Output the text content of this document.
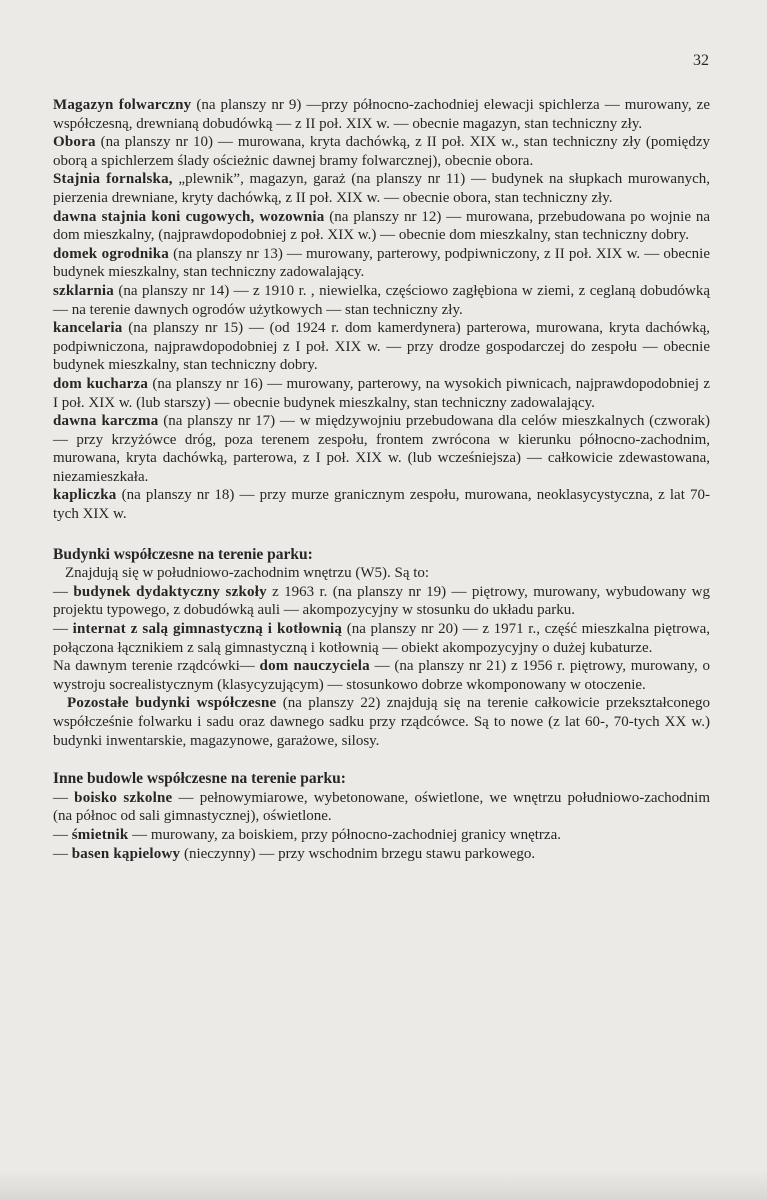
32

Magazyn folwarczny (na planszy nr 9) —przy północno-zachodniej elewacji spichlerza — murowany, ze współczesną, drewnianą dobudówką — z II poł. XIX w. — obecnie magazyn, stan techniczny zły.

Obora (na planszy nr 10) — murowana, kryta dachówką, z II poł. XIX w., stan techniczny zły (pomiędzy oborą a spichlerzem ślady ościeżnic dawnej bramy folwarcznej), obecnie obora.

Stajnia fornalska, „plewnik”, magazyn, garaż (na planszy nr 11) — budynek na słupkach murowanych, pierzenia drewniane, kryty dachówką, z II poł. XIX w. — obecnie obora, stan techniczny zły.

dawna stajnia koni cugowych, wozownia (na planszy nr 12) — murowana, przebudowana po wojnie na dom mieszkalny, (najprawdopodobniej z poł. XIX w.) — obecnie dom mieszkalny, stan techniczny dobry.

domek ogrodnika (na planszy nr 13) — murowany, parterowy, podpiwniczony, z II poł. XIX w. — obecnie budynek mieszkalny, stan techniczny zadowalający.

szklarnia (na planszy nr 14) — z 1910 r. , niewielka, częściowo zagłębiona w ziemi, z ceglaną dobudówką — na terenie dawnych ogrodów użytkowych — stan techniczny zły.

kancelaria (na planszy nr 15) — (od 1924 r. dom kamerdynera) parterowa, murowana, kryta dachówką, podpiwniczona, najprawdopodobniej z I poł. XIX w. — przy drodze gospodarczej do zespołu — obecnie budynek mieszkalny, stan techniczny dobry.

dom kucharza (na planszy nr 16) — murowany, parterowy, na wysokich piwnicach, najprawdopodobniej z I poł. XIX w. (lub starszy) — obecnie budynek mieszkalny, stan techniczny zadowalający.

dawna karczma (na planszy nr 17) — w międzywojniu przebudowana dla celów mieszkalnych (czworak) — przy krzyżówce dróg, poza terenem zespołu, frontem zwrócona w kierunku północno-zachodnim, murowana, kryta dachówką, parterowa, z I poł. XIX w. (lub wcześniejsza) — całkowicie zdewastowana, niezamieszkała.

kapliczka (na planszy nr 18) — przy murze granicznym zespołu, murowana, neoklasycystyczna, z lat 70-tych XIX w.

Budynki współczesne na terenie parku:

Znajdują się w południowo-zachodnim wnętrzu (W5). Są to:

— budynek dydaktyczny szkoły z 1963 r. (na planszy nr 19) — piętrowy, murowany, wybudowany wg projektu typowego, z dobudówką auli — akompozycyjny w stosunku do układu parku.

— internat z salą gimnastyczną i kotłownią (na planszy nr 20) — z 1971 r., część mieszkalna piętrowa, połączona łącznikiem z salą gimnastyczną i kotłownią — obiekt akompozycyjny o dużej kubaturze.

Na dawnym terenie rządcówki— dom nauczyciela — (na planszy nr 21) z 1956 r. piętrowy, murowany, o wystroju socrealistycznym (klasycyzującym) — stosunkowo dobrze wkomponowany w otoczenie.

Pozostałe budynki współczesne (na planszy 22) znajdują się na terenie całkowicie przekształconego współcześnie folwarku i sadu oraz dawnego sadku przy rządcówce. Są to nowe (z lat 60-, 70-tych XX w.) budynki inwentarskie, magazynowe, garażowe, silosy.

Inne budowle współczesne na terenie parku:

— boisko szkolne — pełnowymiarowe, wybetonowane, oświetlone, we wnętrzu południowo-zachodnim (na północ od sali gimnastycznej), oświetlone.

— śmietnik — murowany, za boiskiem, przy północno-zachodniej granicy wnętrza.

— basen kąpielowy (nieczynny) — przy wschodnim brzegu stawu parkowego.
